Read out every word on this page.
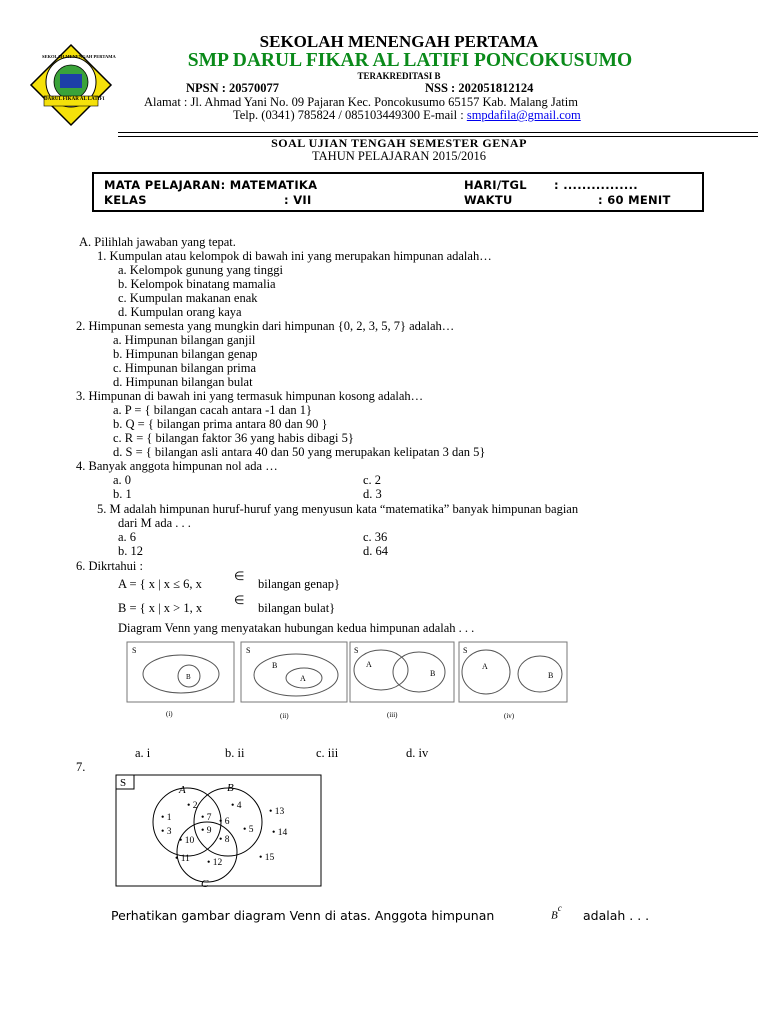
SEKOLAH MENENGAH PERTAMA
DARUL FIKAR AL LATIFI
SEKOLAH MENENGAH PERTAMA
SMP DARUL FIKAR AL LATIFI PONCOKUSUMO
TERAKREDITASI B
NPSN : 20570077	NSS : 202051812124
Alamat : Jl. Ahmad Yani No. 09 Pajaran Kec. Poncokusumo 65157 Kab. Malang Jatim
Telp. (0341) 785824 / 085103449300 E-mail : smpdafila@gmail.com
SOAL UJIAN TENGAH SEMESTER GENAP
TAHUN PELAJARAN 2015/2016
MATA PELAJARAN: MATEMATIKA	HARI/TGL : ................
KELAS	: VII	WAKTU	: 60 MENIT
A. Pilihlah jawaban yang tepat.
1. Kumpulan atau kelompok di bawah ini yang merupakan himpunan adalah…
a. Kelompok gunung yang tinggi
b. Kelompok binatang mamalia
c. Kumpulan makanan enak
d. Kumpulan orang kaya
2. Himpunan semesta yang mungkin dari himpunan {0, 2, 3, 5, 7} adalah…
a. Himpunan bilangan ganjil
b. Himpunan bilangan genap
c. Himpunan bilangan prima
d. Himpunan bilangan bulat
3. Himpunan di bawah ini yang termasuk himpunan kosong adalah…
a. P = { bilangan cacah antara -1 dan 1}
b. Q = { bilangan prima antara 80 dan 90 }
c. R = { bilangan faktor 36 yang habis dibagi 5}
d. S = { bilangan asli antara 40 dan 50 yang merupakan kelipatan 3 dan 5}
4. Banyak anggota himpunan nol ada …
a. 0	c. 2
b. 1	d. 3
5. M adalah himpunan huruf-huruf yang menyusun kata “matematika” banyak himpunan bagian
dari M ada . . .
a. 6	c. 36
b. 12	d. 64
6. Dikrtahui :
A = { x | x ≤ 6, x
∈
bilangan genap}
B = { x | x > 1, x
∈
bilangan bulat}
Diagram Venn yang menyatakan hubungan kedua himpunan adalah . . .
S
B
(i)
S
B
A
(ii)
S
A
B
(iii)
S
A
B
(iv)
a. i	b. ii	c. iii	d. iv
7.
S
A	B
C
• 1
• 2
• 3
• 4
• 5
• 6
• 7
• 8
• 9
• 10
• 11 • 12
• 13
• 14
• 15
Perhatikan gambar diagram Venn di atas. Anggota himpunan	$B^c$ adalah . . .
